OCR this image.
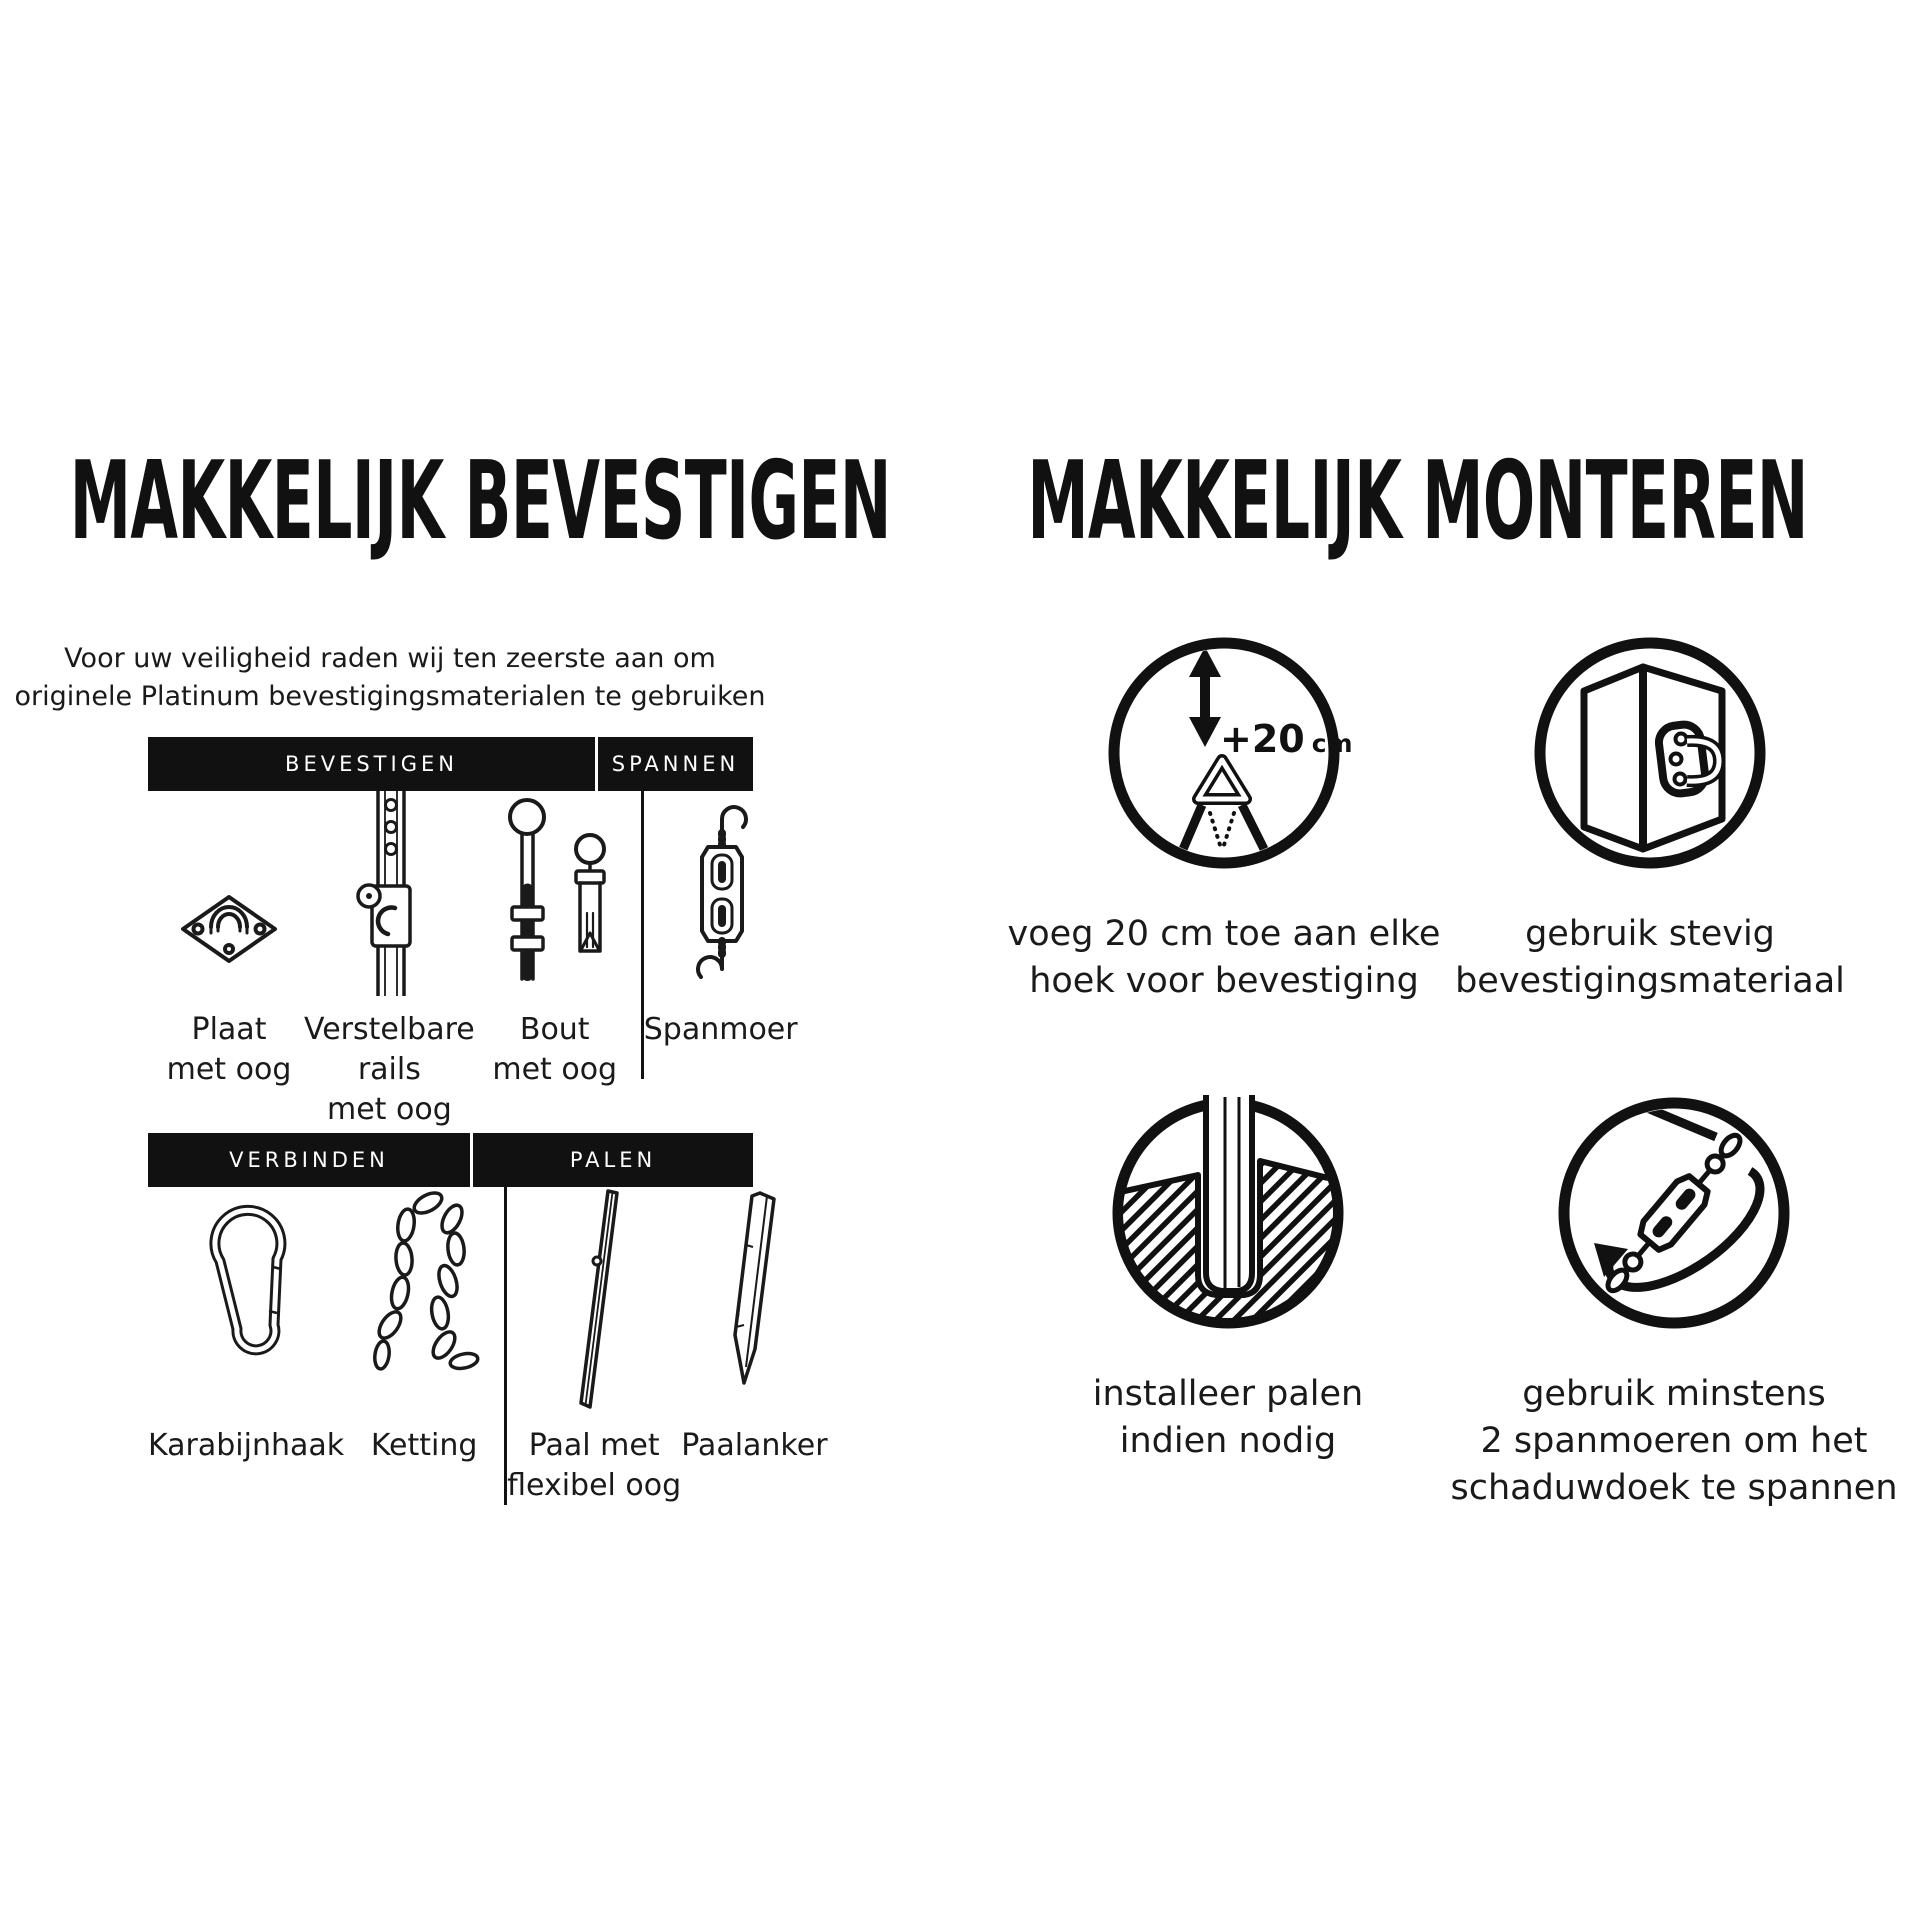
MAKKELIJK BEVESTIGEN
Voor uw veiligheid raden wij ten zeerste aan om
originele Platinum bevestigingsmaterialen te gebruiken
BEVESTIGEN	SPANNEN
Plaat
met oog
Verstelbare
rails
met oog
Bout
met oog
Spanmoer
VERBINDEN	PALEN
Karabijnhaak Ketting	Paal met
flexibel oog
Paalanker
MAKKELIJK MONTEREN
+20 cm
voeg 20 cm toe aan elke
hoek voor bevestiging
gebruik stevig
bevestigingsmateriaal
installeer palen
indien nodig
gebruik minstens
2 spanmoeren om het
schaduwdoek te spannen
